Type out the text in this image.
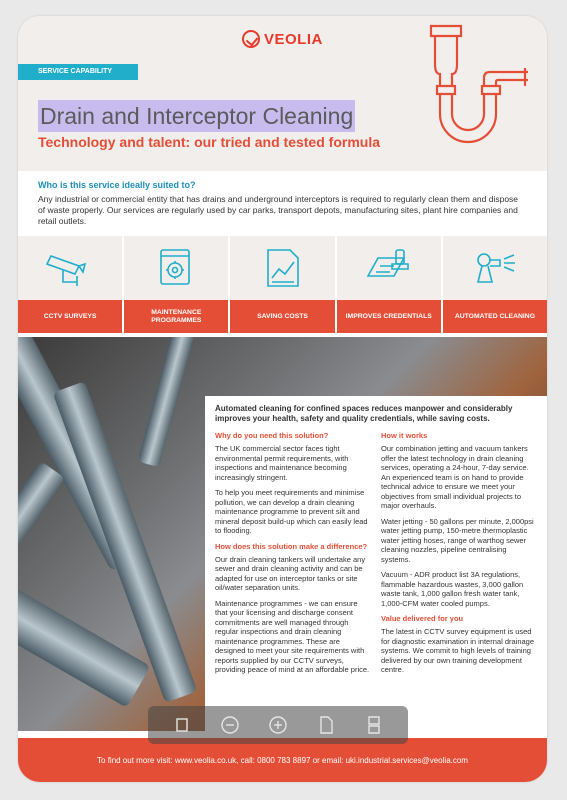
VEOLIA
SERVICE CAPABILITY
Drain and Interceptor Cleaning
Technology and talent: our tried and tested formula
Who is this service ideally suited to?
Any industrial or commercial entity that has drains and underground interceptors is required to regularly clean them and dispose of waste properly. Our services are regularly used by car parks, transport depots, manufacturing sites, plant hire companies and retail outlets.
CCTV SURVEYS
MAINTENANCE PROGRAMMES
SAVING COSTS	IMPROVES CREDENTIALS	AUTOMATED CLEANING
Automated cleaning for confined spaces reduces manpower and considerably improves your health, safety and quality credentials, while saving costs.
Why do you need this solution?

The UK commercial sector faces tight environmental permit requirements, with inspections and maintenance becoming increasingly stringent.

To help you meet requirements and minimise pollution, we can develop a drain cleaning maintenance programme to prevent silt and mineral deposit build-up which can easily lead to flooding.

How does this solution make a difference?

Our drain cleaning tankers will undertake any sewer and drain cleaning activity and can be adapted for use on interceptor tanks or site oil/water separation units.

Maintenance programmes - we can ensure that your licensing and discharge consent commitments are well managed through regular inspections and drain cleaning maintenance programmes. These are designed to meet your site requirements with reports supplied by our CCTV surveys, providing peace of mind at an affordable price.

How it works

Our combination jetting and vacuum tankers offer the latest technology in drain cleaning services, operating a 24-hour, 7-day service. An experienced team is on hand to provide technical advice to ensure we meet your objectives from small individual projects to major overhauls.

Water jetting - 50 gallons per minute, 2,000psi water jetting pump, 150-metre thermoplastic water jetting hoses, range of warthog sewer cleaning nozzles, pipeline centralising systems.

Vacuum - ADR product list 3A regulations, flammable hazardous wastes, 3,000 gallon waste tank, 1,000 gallon fresh water tank, 1,000-CFM water cooled pumps.

Value delivered for you

The latest in CCTV survey equipment is used for diagnostic examination in internal drainage systems. We commit to high levels of training delivered by our own training development centre.

To find out more visit: www.veolia.co.uk, call: 0800 783 8897 or email: uki.industrial.services@veolia.com
